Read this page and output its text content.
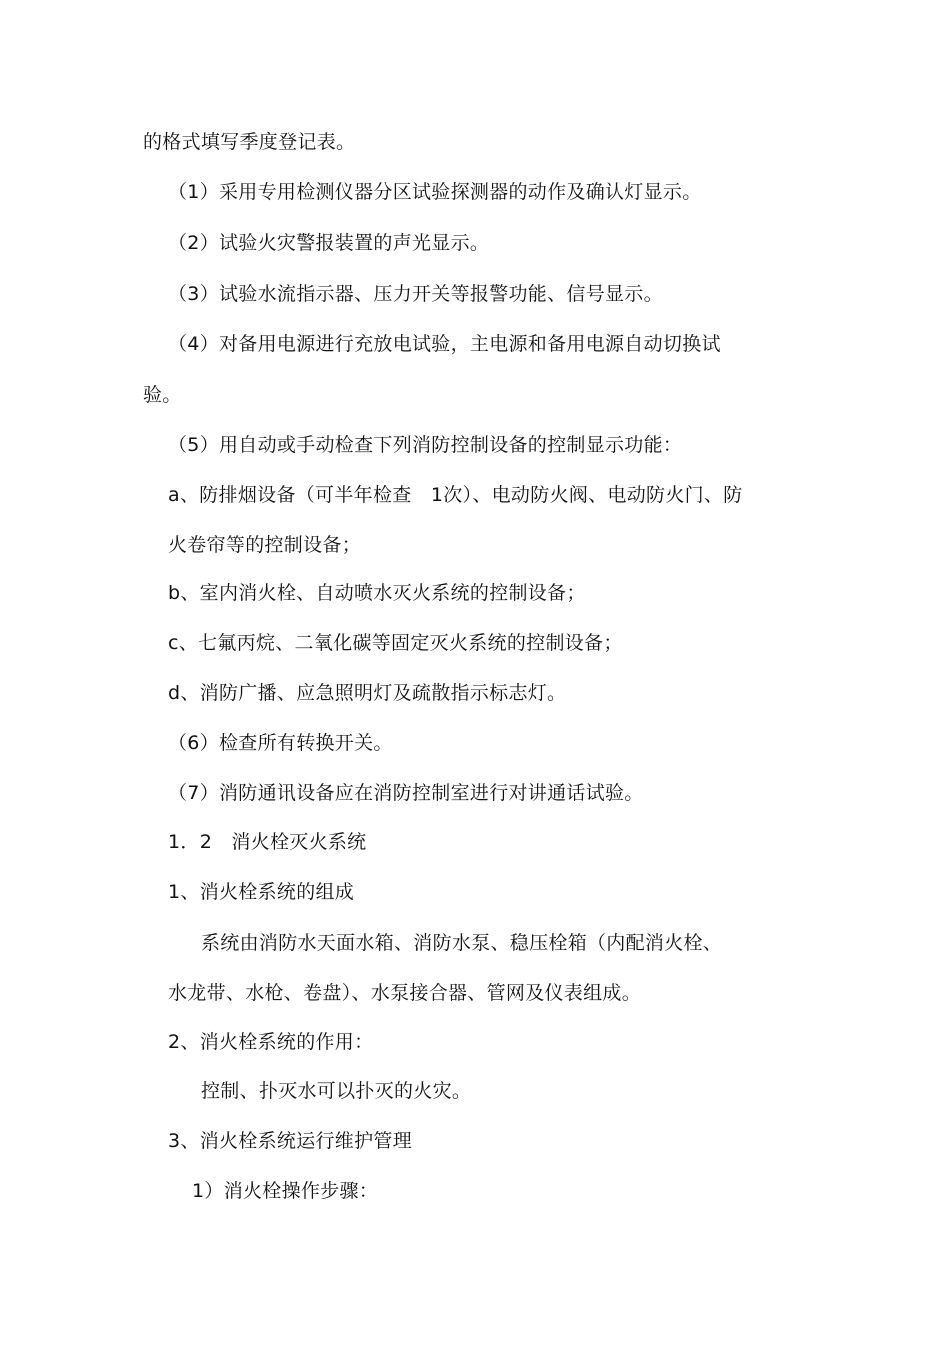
的格式填写季度登记表。
（1）采用专用检测仪器分区试验探测器的动作及确认灯显示。
（2）试验火灾警报装置的声光显示。
（3）试验水流指示器、压力开关等报警功能、信号显示。
（4）对备用电源进行充放电试验，主电源和备用电源自动切换试
验。
（5）用自动或手动检查下列消防控制设备的控制显示功能：
a、防排烟设备（可半年检查　1次）、电动防火阀、电动防火门、防
火卷帘等的控制设备；
b、室内消火栓、自动喷水灭火系统的控制设备；
c、七氟丙烷、二氧化碳等固定灭火系统的控制设备；
d、消防广播、应急照明灯及疏散指示标志灯。
（6）检查所有转换开关。
（7）消防通讯设备应在消防控制室进行对讲通话试验。
1．2　消火栓灭火系统
1、消火栓系统的组成
系统由消防水天面水箱、消防水泵、稳压栓箱（内配消火栓、
水龙带、水枪、卷盘）、水泵接合器、管网及仪表组成。
2、消火栓系统的作用：
控制、扑灭水可以扑灭的火灾。
3、消火栓系统运行维护管理
1）消火栓操作步骤：
